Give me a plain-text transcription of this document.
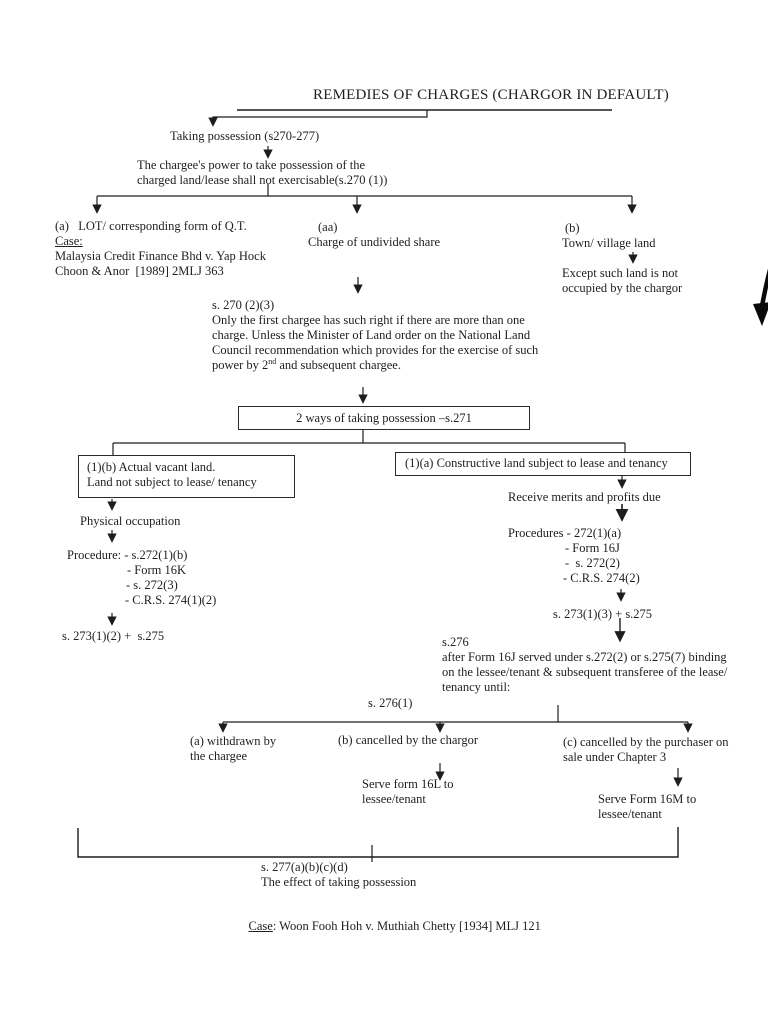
REMEDIES OF CHARGES (CHARGOR IN DEFAULT)
Taking possession (s270-277)
The chargee's power to take possession of the
charged land/lease shall not exercisable(s.270 (1))
(a)   LOT/ corresponding form of Q.T.
Case:
Malaysia Credit Finance Bhd v. Yap Hock
Choon & Anor  [1989] 2MLJ 363
(aa)
Charge of undivided share
(b)
Town/ village land
Except such land is not
occupied by the chargor
s. 270 (2)(3)
Only the first chargee has such right if there are more than one
charge. Unless the Minister of Land order on the National Land
Council recommendation which provides for the exercise of such
power by 2nd and subsequent chargee.
2 ways of taking possession –s.271
(1)(b) Actual vacant land.
Land not subject to lease/ tenancy
(1)(a) Constructive land subject to lease and tenancy
Physical occupation
Procedure: - s.272(1)(b)
- Form 16K
- s. 272(3)
- C.R.S. 274(1)(2)
s. 273(1)(2) +  s.275
Receive merits and profits due
Procedures - 272(1)(a)
- Form 16J
-  s. 272(2)
- C.R.S. 274(2)
s. 273(1)(3) + s.275
s.276
after Form 16J served under s.272(2) or s.275(7) binding
on the lessee/tenant & subsequent transferee of the lease/
tenancy until:
s. 276(1)
(a) withdrawn by
the chargee
(b) cancelled by the chargor
Serve form 16L to
lessee/tenant
(c) cancelled by the purchaser on
sale under Chapter 3
Serve Form 16M to
lessee/tenant
s. 277(a)(b)(c)(d)
The effect of taking possession

Case: Woon Fooh Hoh v. Muthiah Chetty [1934] MLJ 121
